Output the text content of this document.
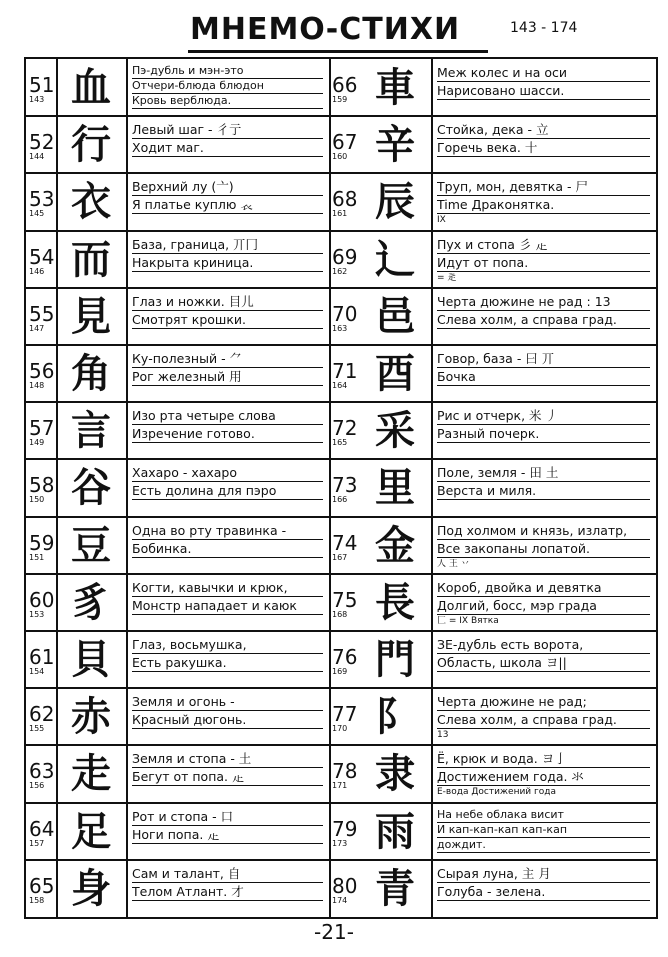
МНЕМО-СТИХИ	143 - 174
51
143 血	Пэ-дубль и мэн-это
Отчери-блюда блюдон
Кровь верблюда.
52
144 行	Левый шаг - 彳亍
Ходит маг.
53
145 衣	Верхний лу (亠)
Я платье куплю 𧘇
54
146 而	База, граница, 丌冂
Накрыта криница.
55
147 見	Глаз и ножки. 目儿
Смотрят крошки.
56
148 角	Ку-полезный - ⺈
Рог железный 用
57
149 言	Изо рта четыре слова
Изречение готово.
58
150 谷	Хахаро - хахаро
Есть долина для пэро
59
151 豆	Одна во рту травинка -
Бобинка.
60
153 豸	Когти, кавычки и крюк,
Монстр нападает и каюк
61
154 貝	Глаз, восьмушка,
Есть ракушка.
62
155 赤	Земля и огонь -
Красный дюгонь.
63
156 走	Земля и стопа - 土
Бегут от попа. 龰
64
157 足	Рот и стопа - 口
Ноги попа. 龰
65
158 身	Сам и талант, 自
Телом Атлант. 才
66
159 車	Меж колес и на оси
Нарисовано шасси.
67
160 辛	Стойка, дека - 立
Горечь века. 十
68
161 辰	Труп, мон, девятка - 尸
Time Драконятка.
IX
69
162 辶	Пух и стопа 彡 龰
Идут от попа.
= 辵
70
163 邑	Черта дюжине не рад : 13
Слева холм, а справа град.
71
164 酉	Говор, база - 曰 丌
Бочка
72
165 采	Рис и отчерк, 米 丿
Разный почерк.
73
166 里	Поле, земля - 田 土
Верста и миля.
74
167 金	Под холмом и князь, излатр,
Все закопаны лопатой.
人 王 丷
75
168 長	Короб, двойка и девятка
Долгий, босс, мэр града
匚 = IX Вятка
76
169 門	ЗЕ-дубль есть ворота,
Область, школа ヨ||
77
170 阝	Черта дюжине не рад;
Слева холм, а справа град.
13
78
171 隶	Ё, крюк и вода. ヨ亅
Достижением года. 氺
Ё-вода Достижений года
79
173 雨	На небе облака висит
И кап-кап-кап кап-кап
дождит.
80
174 青	Сырая луна, 主 月
Голуба - зелена.
-21-
